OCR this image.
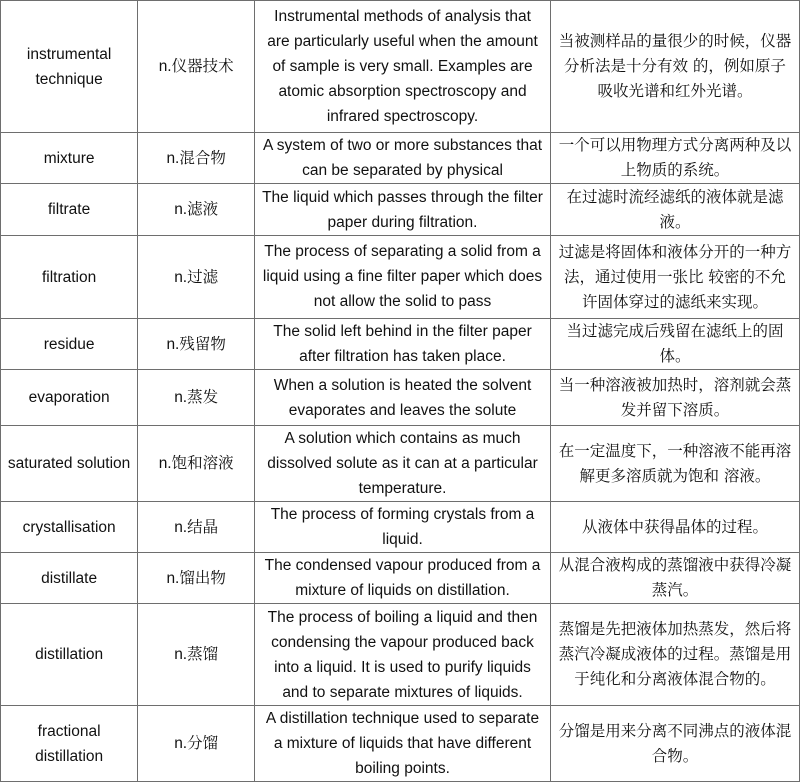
instrumental technique	n.仪器技术	Instrumental methods of analysis that are particularly useful when the amount of sample is very small. Examples are atomic absorption spectroscopy and infrared spectroscopy.	当被测样品的量很少的时候，仪器分析法是十分有效 的，例如原子吸收光谱和红外光谱。
mixture	n.混合物	A system of two or more substances that can be separated by physical	一个可以用物理方式分离两种及以上物质的系统。
filtrate	n.滤液	The liquid which passes through the filter paper during filtration.	在过滤时流经滤纸的液体就是滤液。
filtration	n.过滤	The process of separating a solid from a liquid using a fine filter paper which does not allow the solid to pass	过滤是将固体和液体分开的一种方法，通过使用一张比 较密的不允许固体穿过的滤纸来实现。
residue	n.残留物	The solid left behind in the filter paper after filtration has taken place.	当过滤完成后残留在滤纸上的固体。
evaporation	n.蒸发	When a solution is heated the solvent evaporates and leaves the solute	当一种溶液被加热时，溶剂就会蒸发并留下溶质。
saturated solution	n.饱和溶液	A solution which contains as much dissolved solute as it can at a particular temperature.	在一定温度下，一种溶液不能再溶解更多溶质就为饱和 溶液。
crystallisation	n.结晶	The process of forming crystals from a liquid.	从液体中获得晶体的过程。
distillate	n.馏出物	The condensed vapour produced from a mixture of liquids on distillation.	从混合液构成的蒸馏液中获得冷凝蒸汽。
distillation	n.蒸馏	The process of boiling a liquid and then condensing the vapour produced back into a liquid. It is used to purify liquids and to separate mixtures of liquids.	蒸馏是先把液体加热蒸发，然后将蒸汽冷凝成液体的过程。蒸馏是用于纯化和分离液体混合物的。
fractional distillation	n.分馏	A distillation technique used to separate a mixture of liquids that have different boiling points.	分馏是用来分离不同沸点的液体混合物。
